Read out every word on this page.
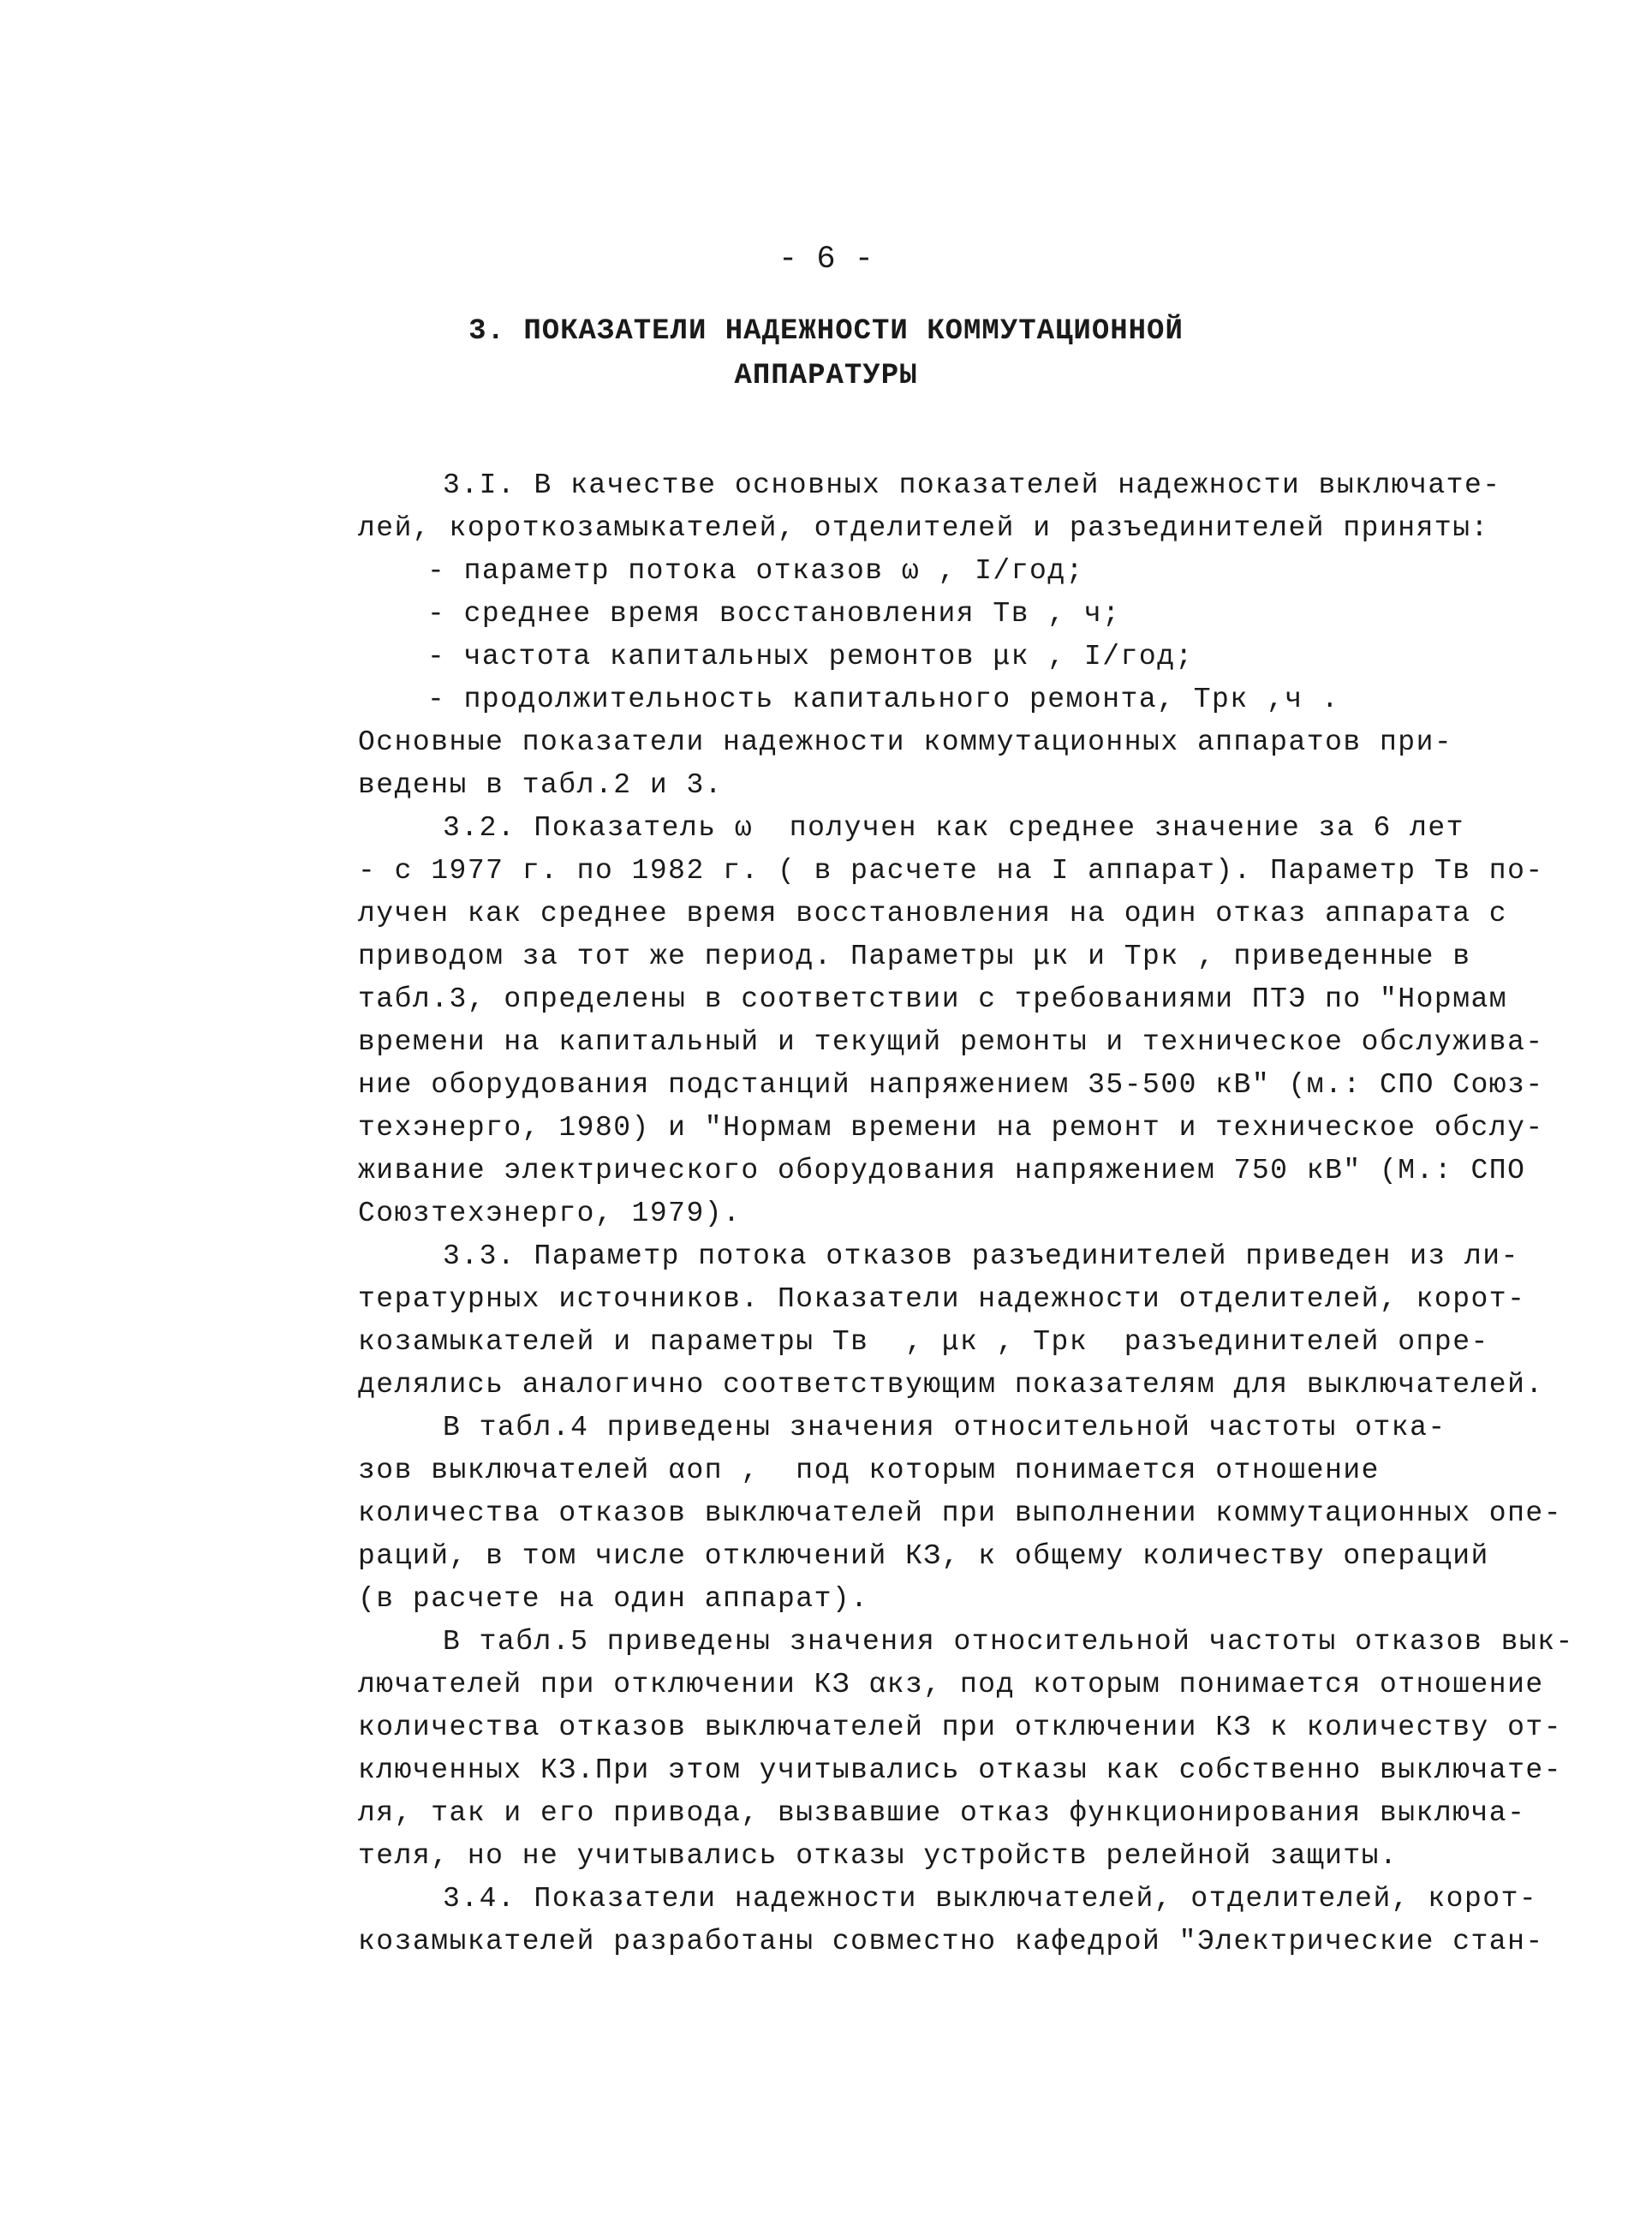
- 6 -
3. ПОКАЗАТЕЛИ НАДЕЖНОСТИ КОММУТАЦИОННОЙ
АППАРАТУРЫ
3.I. В качестве основных показателей надежности выключате-
лей, короткозамыкателей, отделителей и разъединителей приняты:
- параметр потока отказов ω , I/год;
- среднее время восстановления Tв , ч;
- частота капитальных ремонтов μк , I/год;
- продолжительность капитального ремонта, Tрк ,ч .
Основные показатели надежности коммутационных аппаратов при-
ведены в табл.2 и 3.
3.2. Показатель ω  получен как среднее значение за 6 лет
- с 1977 г. по 1982 г. ( в расчете на I аппарат). Параметр Tв по-
лучен как среднее время восстановления на один отказ аппарата с
приводом за тот же период. Параметры μк и Tрк , приведенные в
табл.3, определены в соответствии с требованиями ПТЭ по "Нормам
времени на капитальный и текущий ремонты и техническое обслужива-
ние оборудования подстанций напряжением 35-500 кВ" (м.: СПО Союз-
техэнерго, 1980) и "Нормам времени на ремонт и техническое обслу-
живание электрического оборудования напряжением 750 кВ" (М.: СПО
Союзтехэнерго, 1979).
3.3. Параметр потока отказов разъединителей приведен из ли-
тературных источников. Показатели надежности отделителей, корот-
козамыкателей и параметры Tв  , μк , Tрк  разъединителей опре-
делялись аналогично соответствующим показателям для выключателей.
В табл.4 приведены значения относительной частоты отка-
зов выключателей αоп ,  под которым понимается отношение
количества отказов выключателей при выполнении коммутационных опе-
раций, в том числе отключений КЗ, к общему количеству операций
(в расчете на один аппарат).
В табл.5 приведены значения относительной частоты отказов вык-
лючателей при отключении КЗ αкз, под которым понимается отношение
количества отказов выключателей при отключении КЗ к количеству от-
ключенных КЗ.При этом учитывались отказы как собственно выключате-
ля, так и его привода, вызвавшие отказ функционирования выключа-
теля, но не учитывались отказы устройств релейной защиты.
3.4. Показатели надежности выключателей, отделителей, корот-
козамыкателей разработаны совместно кафедрой "Электрические стан-
